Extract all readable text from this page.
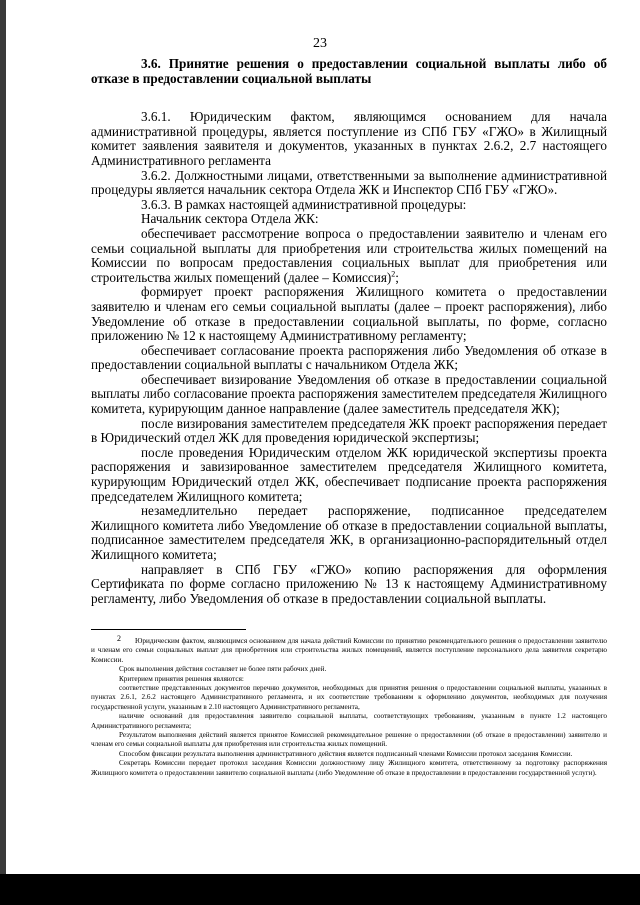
23

3.6. Принятие решения о предоставлении социальной выплаты либо об отказе в предоставлении социальной выплаты

3.6.1. Юридическим фактом, являющимся основанием для начала административной процедуры, является поступление из СПб ГБУ «ГЖО» в Жилищный комитет заявления заявителя и документов, указанных в пунктах 2.6.2, 2.7 настоящего Административного регламента

3.6.2. Должностными лицами, ответственными за выполнение административной процедуры является начальник сектора Отдела ЖК и Инспектор СПб ГБУ «ГЖО».

3.6.3. В рамках настоящей административной процедуры:

Начальник сектора Отдела ЖК:

обеспечивает рассмотрение вопроса о предоставлении заявителю и членам его семьи социальной выплаты для приобретения или строительства жилых помещений на Комиссии по вопросам предоставления социальных выплат для приобретения или строительства жилых помещений (далее – Комиссия)$^2$;

формирует проект распоряжения Жилищного комитета о предоставлении заявителю и членам его семьи социальной выплаты (далее – проект распоряжения), либо Уведомление об отказе в предоставлении социальной выплаты, по форме, согласно приложению № 12 к настоящему Административному регламенту;

обеспечивает согласование проекта распоряжения либо Уведомления об отказе в предоставлении социальной выплаты с начальником Отдела ЖК;

обеспечивает визирование Уведомления об отказе в предоставлении социальной выплаты либо согласование проекта распоряжения заместителем председателя Жилищного комитета, курирующим данное направление (далее заместитель председателя ЖК);

после визирования заместителем председателя ЖК проект распоряжения передает в Юридический отдел ЖК для проведения юридической экспертизы;

после проведения Юридическим отделом ЖК юридической экспертизы проекта распоряжения и завизированное заместителем председателя Жилищного комитета, курирующим Юридический отдел ЖК, обеспечивает подписание проекта распоряжения председателем Жилищного комитета;

незамедлительно передает распоряжение, подписанное председателем Жилищного комитета либо Уведомление об отказе в предоставлении социальной выплаты, подписанное заместителем председателя ЖК, в организационно-распорядительный отдел Жилищного комитета;

направляет в СПб ГБУ «ГЖО» копию распоряжения для оформления Сертификата по форме согласно приложению № 13 к настоящему Административному регламенту, либо Уведомления об отказе в предоставлении социальной выплаты.

2 Юридическим фактом, являющимся основанием для начала действий Комиссии по принятию рекомендательного решения о предоставлении заявителю и членам его семьи социальных выплат для приобретения или строительства жилых помещений, является поступление персонального дела заявителя секретарю Комиссии.

Срок выполнения действия составляет не более пяти рабочих дней.

Критерием принятия решения являются:

соответствие представленных документов перечню документов, необходимых для принятия решения о предоставлении социальной выплаты, указанных в пунктах 2.6.1, 2.6.2 настоящего Административного регламента, и их соответствие требованиям к оформлению документов, необходимых для получения государственной услуги, указанным в 2.10 настоящего Административного регламента,

наличие оснований для предоставления заявителю социальной выплаты, соответствующих требованиям, указанным в пункте 1.2 настоящего Административного регламента;

Результатом выполнения действий является принятое Комиссией рекомендательное решение о предоставлении (об отказе в предоставлении) заявителю и членам его семьи социальной выплаты для приобретения или строительства жилых помещений.

Способом фиксации результата выполнения административного действия является подписанный членами Комиссии протокол заседания Комиссии.

Секретарь Комиссии передает протокол заседания Комиссии должностному лицу Жилищного комитета, ответственному за подготовку распоряжения Жилищного комитета о предоставлении заявителю социальной выплаты (либо Уведомление об отказе в предоставлении в предоставлении государственной услуги).
